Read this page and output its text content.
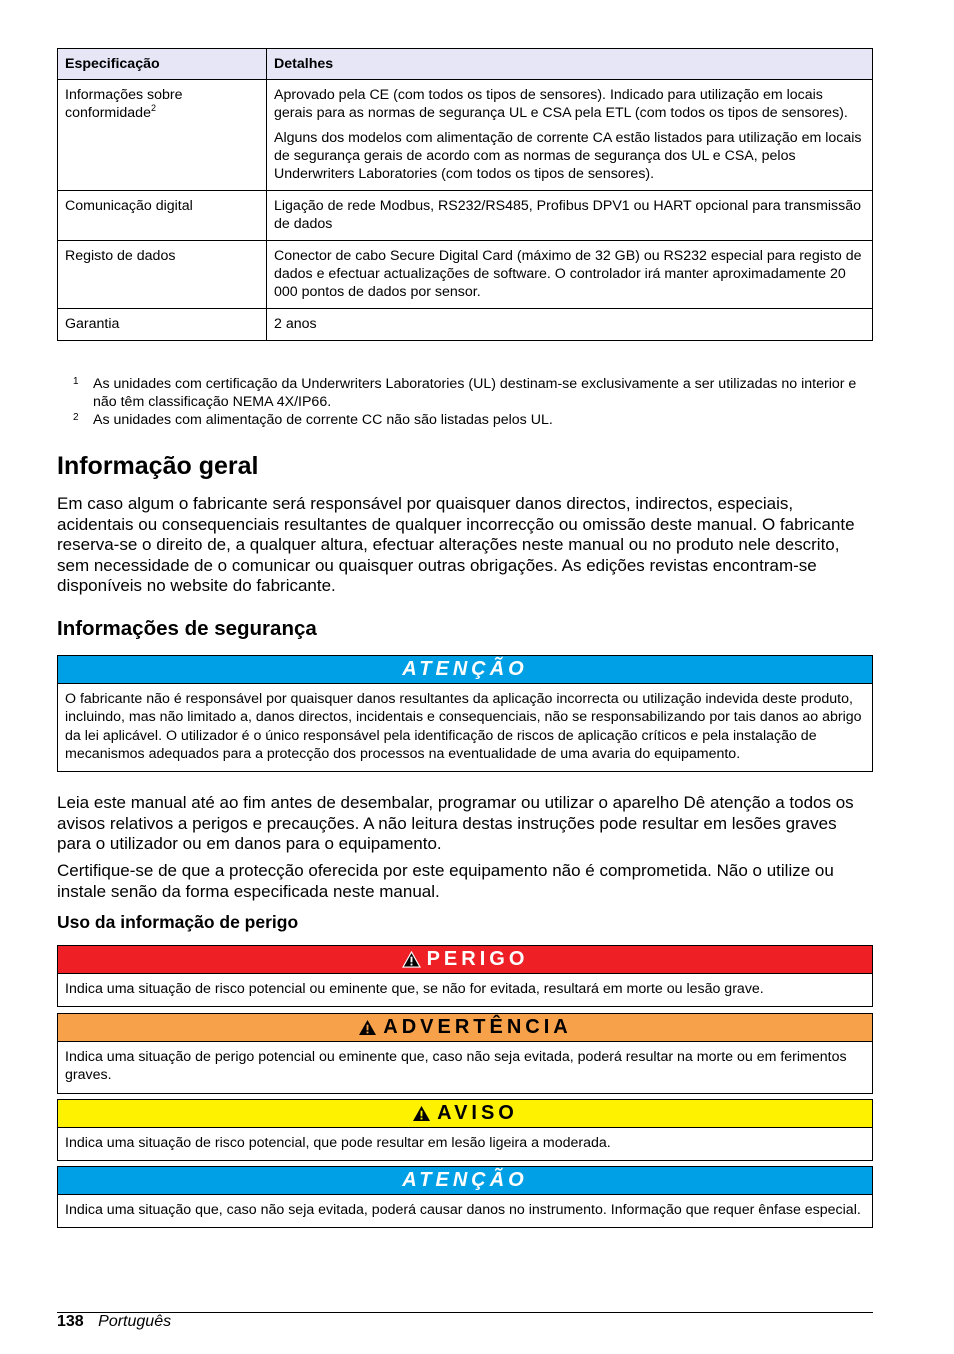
Especificação	Detalhes
Informações sobre conformidade$^2$	Aprovado pela CE (com todos os tipos de sensores). Indicado para utilização em locais gerais para as normas de segurança UL e CSA pela ETL (com todos os tipos de sensores).

Alguns dos modelos com alimentação de corrente CA estão listados para utilização em locais de segurança gerais de acordo com as normas de segurança dos UL e CSA, pelos Underwriters Laboratories (com todos os tipos de sensores).

Comunicação digital	Ligação de rede Modbus, RS232/RS485, Profibus DPV1 ou HART opcional para transmissão de dados

Registo de dados	Conector de cabo Secure Digital Card (máximo de 32 GB) ou RS232 especial para registo de dados e efectuar actualizações de software. O controlador irá manter aproximadamente 20 000 pontos de dados por sensor.

Garantia	2 anos

1	As unidades com certificação da Underwriters Laboratories (UL) destinam-se exclusivamente a ser utilizadas no interior e não têm classificação NEMA 4X/IP66.
2	As unidades com alimentação de corrente CC não são listadas pelos UL.
Informação geral

Em caso algum o fabricante será responsável por quaisquer danos directos, indirectos, especiais, acidentais ou consequenciais resultantes de qualquer incorrecção ou omissão deste manual. O fabricante reserva-se o direito de, a qualquer altura, efectuar alterações neste manual ou no produto nele descrito, sem necessidade de o comunicar ou quaisquer outras obrigações. As edições revistas encontram-se disponíveis no website do fabricante.

Informações de segurança
ATENÇÃO
O fabricante não é responsável por quaisquer danos resultantes da aplicação incorrecta ou utilização indevida deste produto, incluindo, mas não limitado a, danos directos, incidentais e consequenciais, não se responsabilizando por tais danos ao abrigo da lei aplicável. O utilizador é o único responsável pela identificação de riscos de aplicação críticos e pela instalação de mecanismos adequados para a protecção dos processos na eventualidade de uma avaria do equipamento.

Leia este manual até ao fim antes de desembalar, programar ou utilizar o aparelho Dê atenção a todos os avisos relativos a perigos e precauções. A não leitura destas instruções pode resultar em lesões graves para o utilizador ou em danos para o equipamento.

Certifique-se de que a protecção oferecida por este equipamento não é comprometida. Não o utilize ou instale senão da forma especificada neste manual.

Uso da informação de perigo
PERIGO
Indica uma situação de risco potencial ou eminente que, se não for evitada, resultará em morte ou lesão grave.
ADVERTÊNCIA
Indica uma situação de perigo potencial ou eminente que, caso não seja evitada, poderá resultar na morte ou em ferimentos graves.
AVISO
Indica uma situação de risco potencial, que pode resultar em lesão ligeira a moderada.
ATENÇÃO
Indica uma situação que, caso não seja evitada, poderá causar danos no instrumento. Informação que requer ênfase especial.
138 Português
